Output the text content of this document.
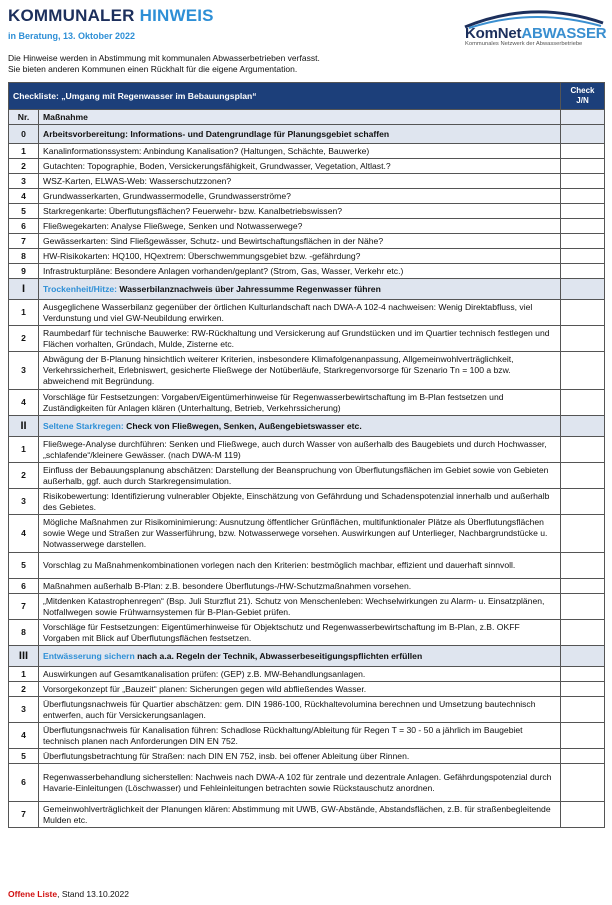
KOMMUNALER HINWEIS
in Beratung, 13. Oktober 2022
Die Hinweise werden in Abstimmung mit kommunalen Abwasserbetrieben verfasst.
Sie bieten anderen Kommunen einen Rückhalt für die eigene Argumentation.
KomNetABWASSER
Kommunales Netzwerk der Abwasserbetriebe
Checkliste: „Umgang mit Regenwasser im Bebauungsplan“		Check J/N
Nr.	Maßnahme	
0	Arbeitsvorbereitung: Informations- und Datengrundlage für Planungsgebiet schaffen	
1	Kanalinformationssystem: Anbindung Kanalisation? (Haltungen, Schächte, Bauwerke)	
2	Gutachten: Topographie, Boden, Versickerungsfähigkeit, Grundwasser, Vegetation, Altlast.?	
3	WSZ-Karten, ELWAS-Web: Wasserschutzzonen?	
4	Grundwasserkarten, Grundwassermodelle, Grundwasserströme?	
5	Starkregenkarte: Überflutungsflächen? Feuerwehr- bzw. Kanalbetriebswissen?	
6	Fließwegekarten: Analyse Fließwege, Senken und Notwasserwege?	
7	Gewässerkarten: Sind Fließgewässer, Schutz- und Bewirtschaftungsflächen in der Nähe?	
8	HW-Risikokarten: HQ100, HQextrem: Überschwemmungsgebiet bzw. -gefährdung?	
9	Infrastrukturpläne: Besondere Anlagen vorhanden/geplant? (Strom, Gas, Wasser, Verkehr etc.)	
I	Trockenheit/Hitze: Wasserbilanznachweis über Jahressumme Regenwasser führen	
1	Ausgeglichene Wasserbilanz gegenüber der örtlichen Kulturlandschaft nach DWA-A 102-4 nachweisen: Wenig Direktabfluss, viel Verdunstung und viel GW-Neubildung erwirken.	
2	Raumbedarf für technische Bauwerke: RW-Rückhaltung und Versickerung auf Grundstücken und im Quartier technisch festlegen und Flächen vorhalten, Gründach, Mulde, Zisterne etc.	
3	Abwägung der B-Planung hinsichtlich weiterer Kriterien, insbesondere Klimafolgenanpassung, Allgemeinwohlverträglichkeit, Verkehrssicherheit, Erlebniswert, gesicherte Fließwege der Notüberläufe, Starkregenvorsorge für Szenario Tn = 100 a bzw. abweichend mit Begründung.	
4	Vorschläge für Festsetzungen: Vorgaben/Eigentümerhinweise für Regenwasserbewirtschaftung im B-Plan festsetzen und Zuständigkeiten für Anlagen klären (Unterhaltung, Betrieb, Verkehrssicherung)	
II	Seltene Starkregen: Check von Fließwegen, Senken, Außengebietswasser etc.	
1	Fließwege-Analyse durchführen: Senken und Fließwege, auch durch Wasser von außerhalb des Baugebiets und durch Hochwasser, „schlafende“/kleinere Gewässer. (nach DWA-M 119)	
2	Einfluss der Bebauungsplanung abschätzen: Darstellung der Beanspruchung von Überflutungsflächen im Gebiet sowie von Gebieten außerhalb, ggf. auch durch Starkregensimulation.	
3	Risikobewertung: Identifizierung vulnerabler Objekte, Einschätzung von Gefährdung und Schadenspotenzial innerhalb und außerhalb des Gebietes.	
4	Mögliche Maßnahmen zur Risikominimierung: Ausnutzung öffentlicher Grünflächen, multifunktionaler Plätze als Überflutungsflächen sowie Wege und Straßen zur Wasserführung, bzw. Notwasserwege vorsehen. Auswirkungen auf Unterlieger, Nachbargrundstücke u. Notwasserwege darstellen.	
5	Vorschlag zu Maßnahmenkombinationen vorlegen nach den Kriterien: bestmöglich machbar, effizient und dauerhaft sinnvoll.	
6	Maßnahmen außerhalb B-Plan: z.B. besondere Überflutungs-/HW-Schutzmaßnahmen vorsehen.	
7	„Mitdenken Katastrophenregen“ (Bsp. Juli Sturzflut 21). Schutz von Menschenleben: Wechselwirkungen zu Alarm- u. Einsatzplänen, Notfallwegen sowie Frühwarnsystemen für B-Plan-Gebiet prüfen.	
8	Vorschläge für Festsetzungen: Eigentümerhinweise für Objektschutz und Regenwasserbewirtschaftung im B-Plan, z.B. OKFF Vorgaben mit Blick auf Überflutungsflächen festsetzen.	
III	Entwässerung sichern nach a.a. Regeln der Technik, Abwasserbeseitigungspflichten erfüllen	
1	Auswirkungen auf Gesamtkanalisation prüfen: (GEP) z.B. MW-Behandlungsanlagen.	
2	Vorsorgekonzept für „Bauzeit“ planen: Sicherungen gegen wild abfließendes Wasser.	
3	Überflutungsnachweis für Quartier abschätzen: gem. DIN 1986-100, Rückhaltevolumina berechnen und Umsetzung bautechnisch entwerfen, auch für Versickerungsanlagen.	
4	Überflutungsnachweis für Kanalisation führen: Schadlose Rückhaltung/Ableitung für Regen T = 30 - 50 a jährlich im Baugebiet technisch planen nach Anforderungen DIN EN 752.	
5	Überflutungsbetrachtung für Straßen: nach DIN EN 752, insb. bei offener Ableitung über Rinnen.	
6	Regenwasserbehandlung sicherstellen: Nachweis nach DWA-A 102 für zentrale und dezentrale Anlagen. Gefährdungspotenzial durch Havarie-Einleitungen (Löschwasser) und Fehleinleitungen betrachten sowie Rückstauschutz anordnen.	
7	Gemeinwohlverträglichkeit der Planungen klären: Abstimmung mit UWB, GW-Abstände, Abstandsflächen, z.B. für straßenbegleitende Mulden etc.	
Offene Liste, Stand 13.10.2022
